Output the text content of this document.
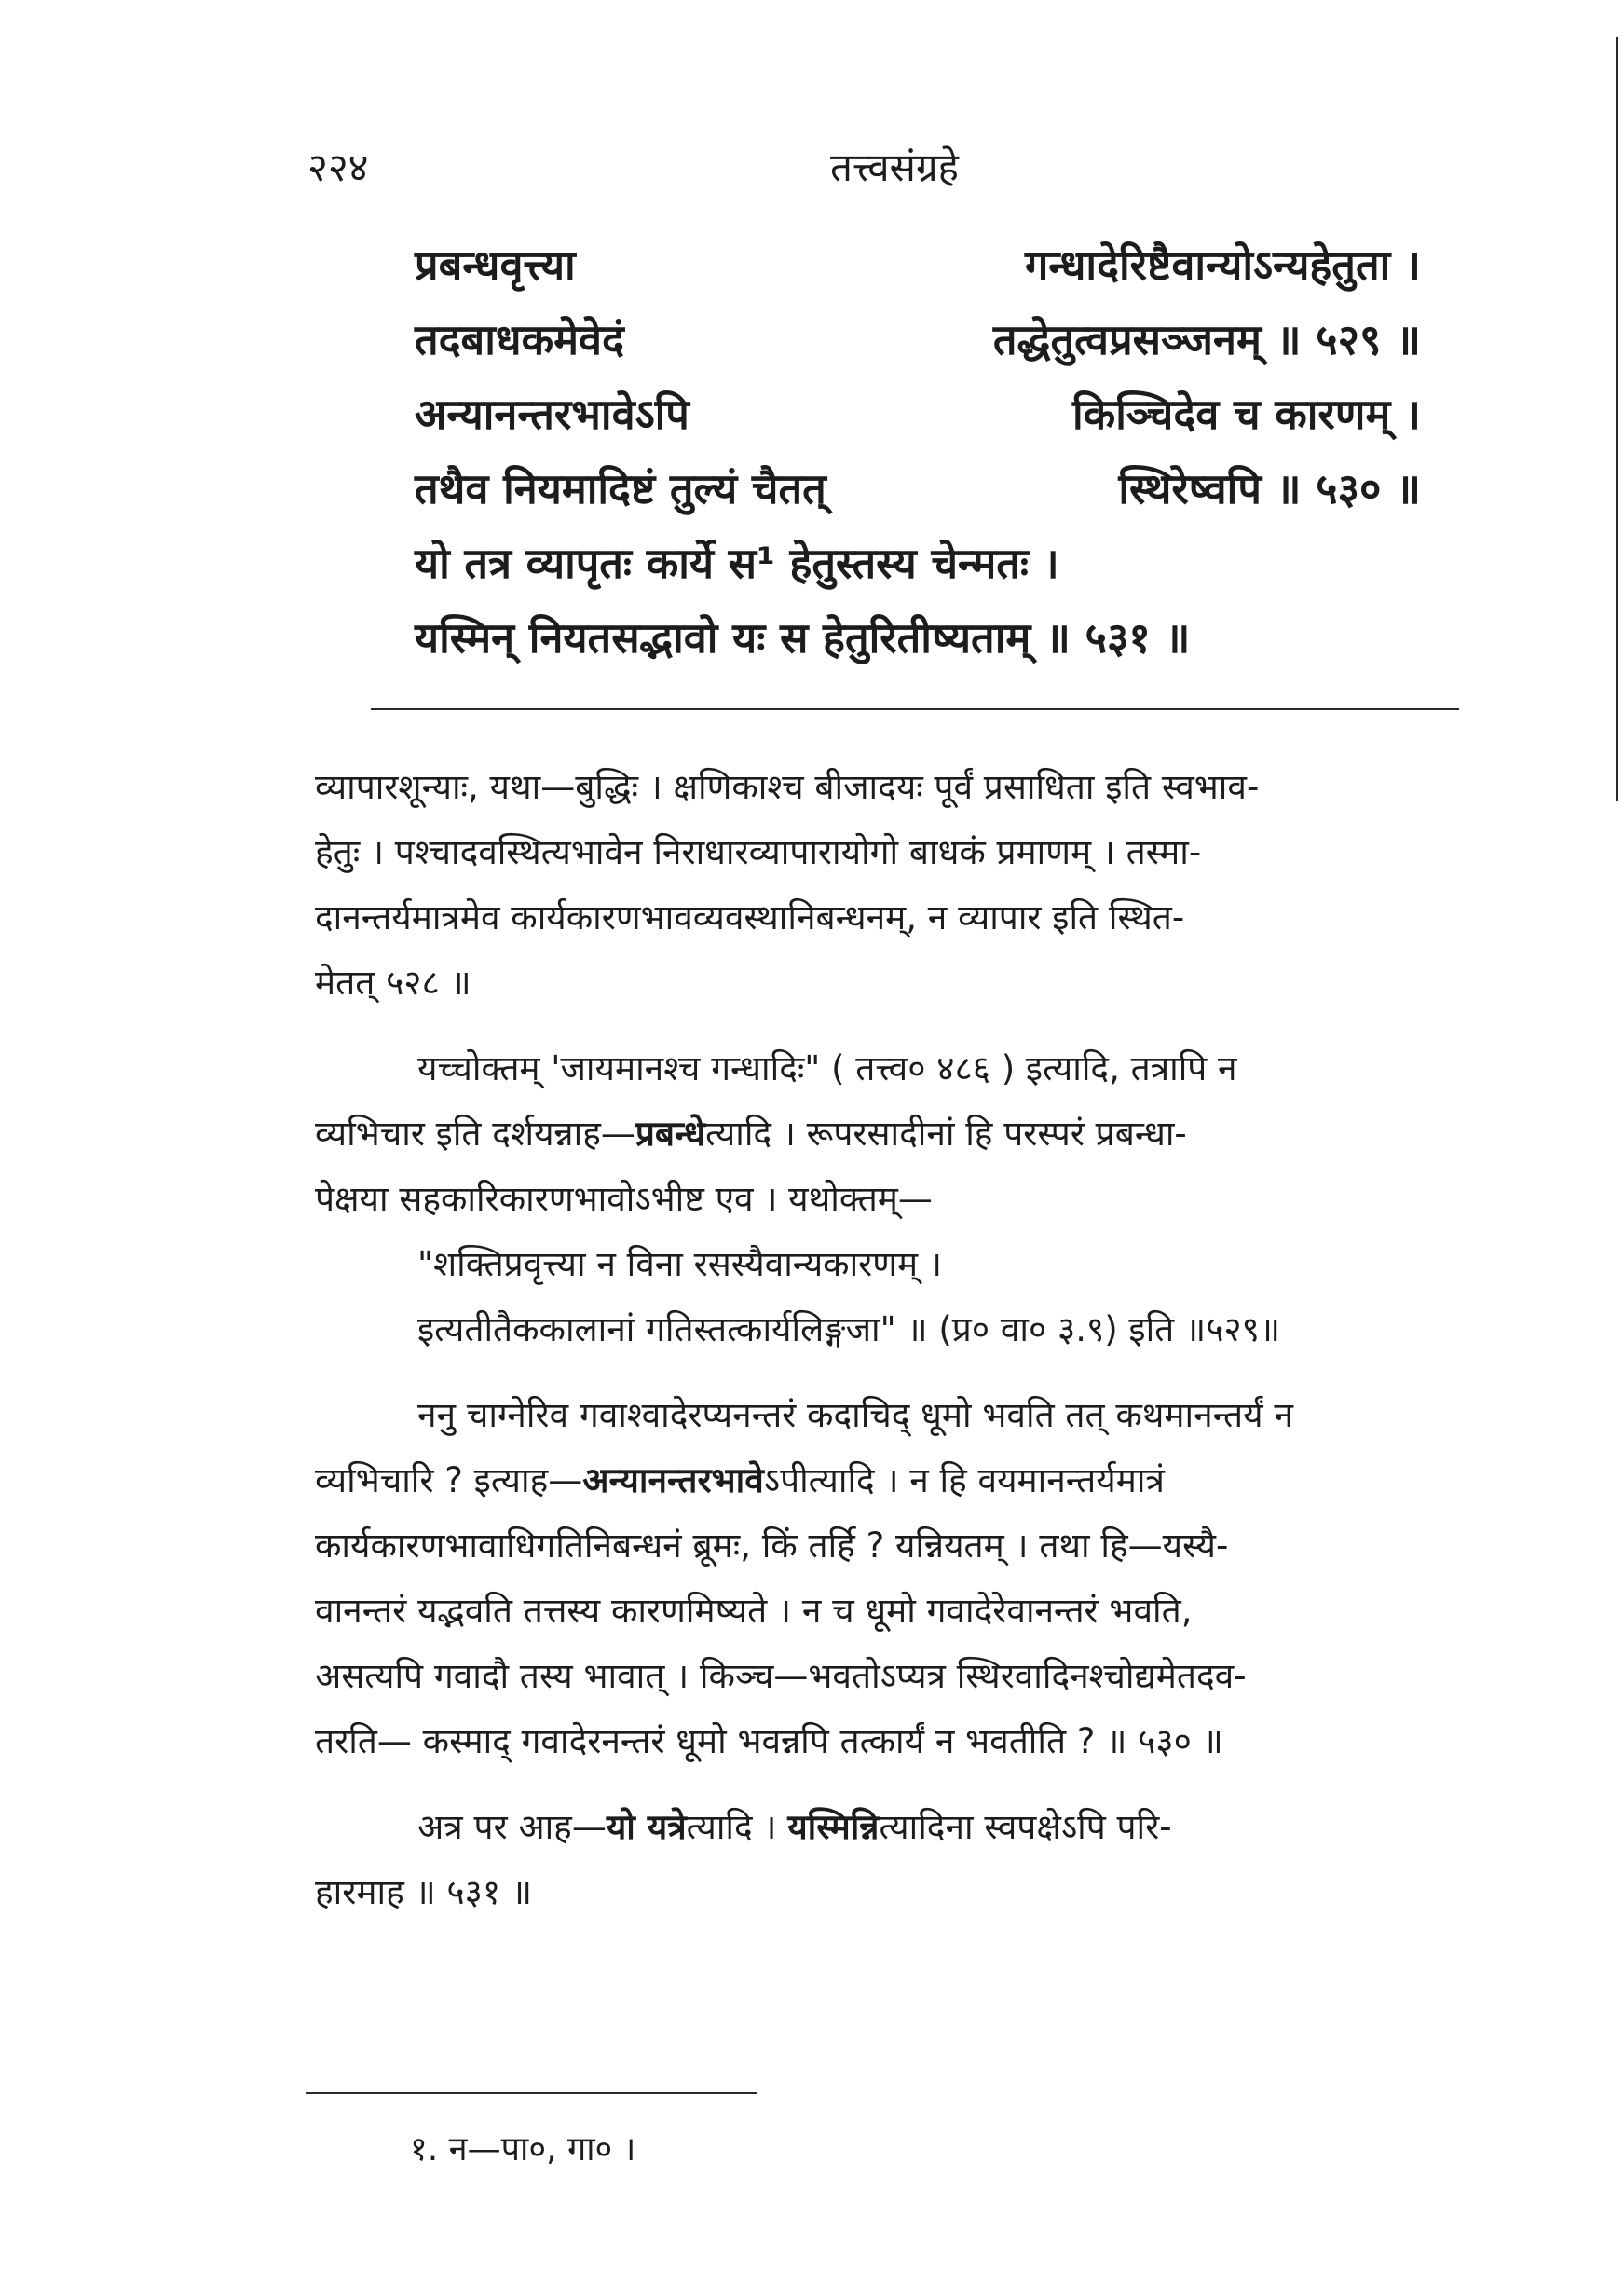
२२४	तत्त्वसंग्रहे
प्रबन्धवृत्त्या	गन्धादेरिष्टैवान्योऽन्यहेतुता ।
तदबाधकमेवेदं	तद्धेतुत्वप्रसञ्जनम् ॥ ५२९ ॥
अन्यानन्तरभावेऽपि	किञ्चिदेव च कारणम् ।
तथैव नियमादिष्टं तुल्यं चैतत्	स्थिरेष्वपि ॥ ५३० ॥
यो तत्र व्यापृतः कार्ये स¹ हेतुस्तस्य चेन्मतः ।
यस्मिन् नियतसद्भावो यः स हेतुरितीष्यताम् ॥ ५३१ ॥
व्यापारशून्याः, यथा—बुद्धिः । क्षणिकाश्च बीजादयः पूर्वं प्रसाधिता इति स्वभाव-
हेतुः । पश्चादवस्थित्यभावेन निराधारव्यापारायोगो बाधकं प्रमाणम् । तस्मा-
दानन्तर्यमात्रमेव कार्यकारणभावव्यवस्थानिबन्धनम्, न व्यापार इति स्थित-
मेतत् ५२८ ॥
यच्चोक्तम् 'जायमानश्च गन्धादिः" ( तत्त्व० ४८६ ) इत्यादि, तत्रापि न
व्यभिचार इति दर्शयन्नाह—प्रबन्धेत्यादि । रूपरसादीनां हि परस्परं प्रबन्धा-
पेक्षया सहकारिकारणभावोऽभीष्ट एव । यथोक्तम्—
"शक्तिप्रवृत्त्या न विना रसस्यैवान्यकारणम् ।
इत्यतीतैककालानां गतिस्तत्कार्यलिङ्गजा" ॥ (प्र० वा० ३.९) इति ॥५२९॥
ननु चाग्नेरिव गवाश्वादेरप्यनन्तरं कदाचिद् धूमो भवति तत् कथमानन्तर्यं न
व्यभिचारि ? इत्याह—अन्यानन्तरभावेऽपीत्यादि । न हि वयमानन्तर्यमात्रं
कार्यकारणभावाधिगतिनिबन्धनं ब्रूमः, किं तर्हि ? यन्नियतम् । तथा हि—यस्यै-
वानन्तरं यद्भवति तत्तस्य कारणमिष्यते । न च धूमो गवादेरेवानन्तरं भवति,
असत्यपि गवादौ तस्य भावात् । किञ्च—भवतोऽप्यत्र स्थिरवादिनश्चोद्यमेतदव-
तरति— कस्माद् गवादेरनन्तरं धूमो भवन्नपि तत्कार्यं न भवतीति ? ॥ ५३० ॥
अत्र पर आह—यो यत्रेत्यादि । यस्मिन्नित्यादिना स्वपक्षेऽपि परि-
हारमाह ॥ ५३१ ॥
१. न—पा०, गा० ।
